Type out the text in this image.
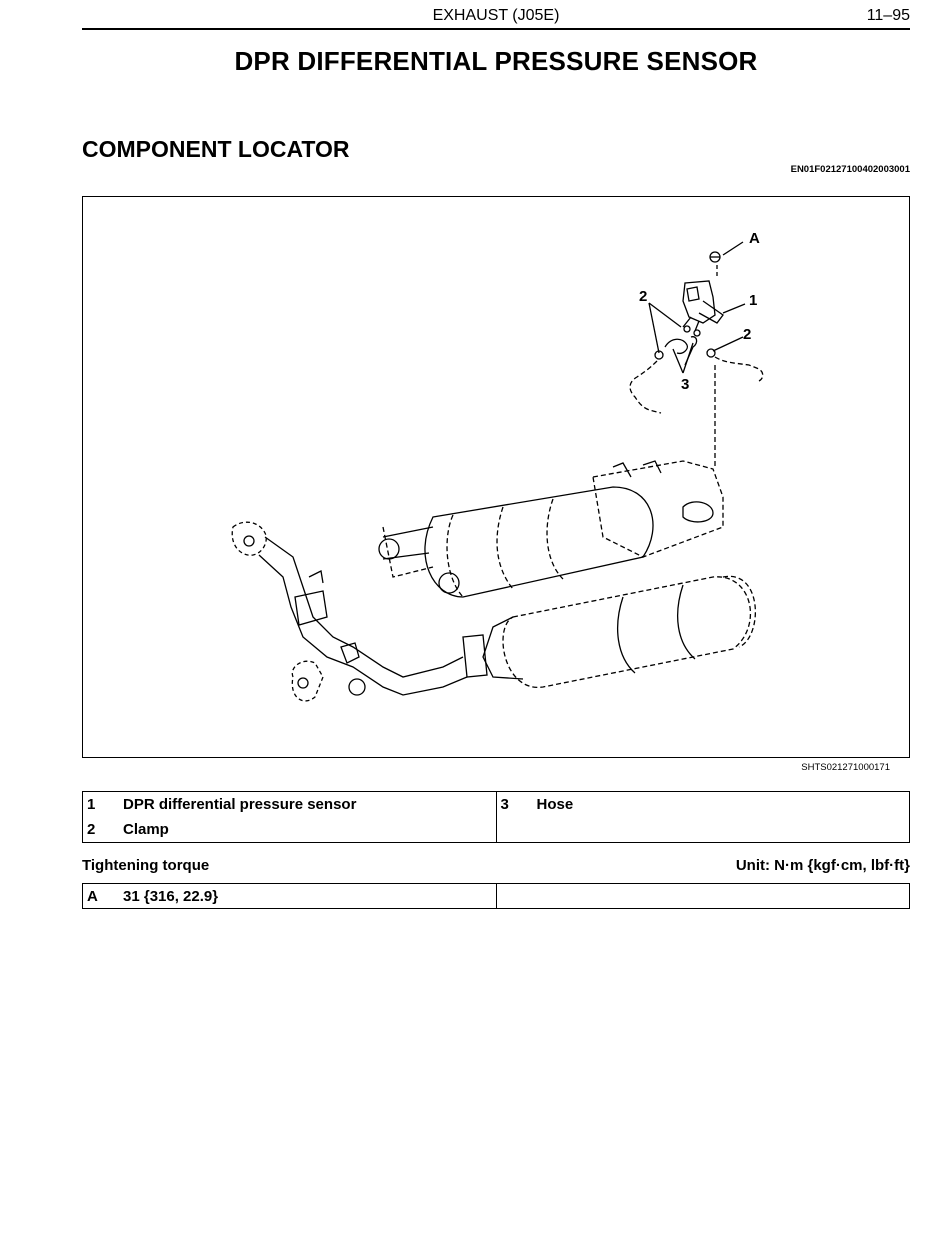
EXHAUST (J05E)	11–95
DPR DIFFERENTIAL PRESSURE SENSOR
COMPONENT LOCATOR
EN01F02127100402003001
A
1
2
2
3
SHTS021271000171
1	DPR differential pressure sensor
2	Clamp

3	Hose
Tightening torque	Unit: N·m {kgf·cm, lbf·ft}
A	31 {316, 22.9}
